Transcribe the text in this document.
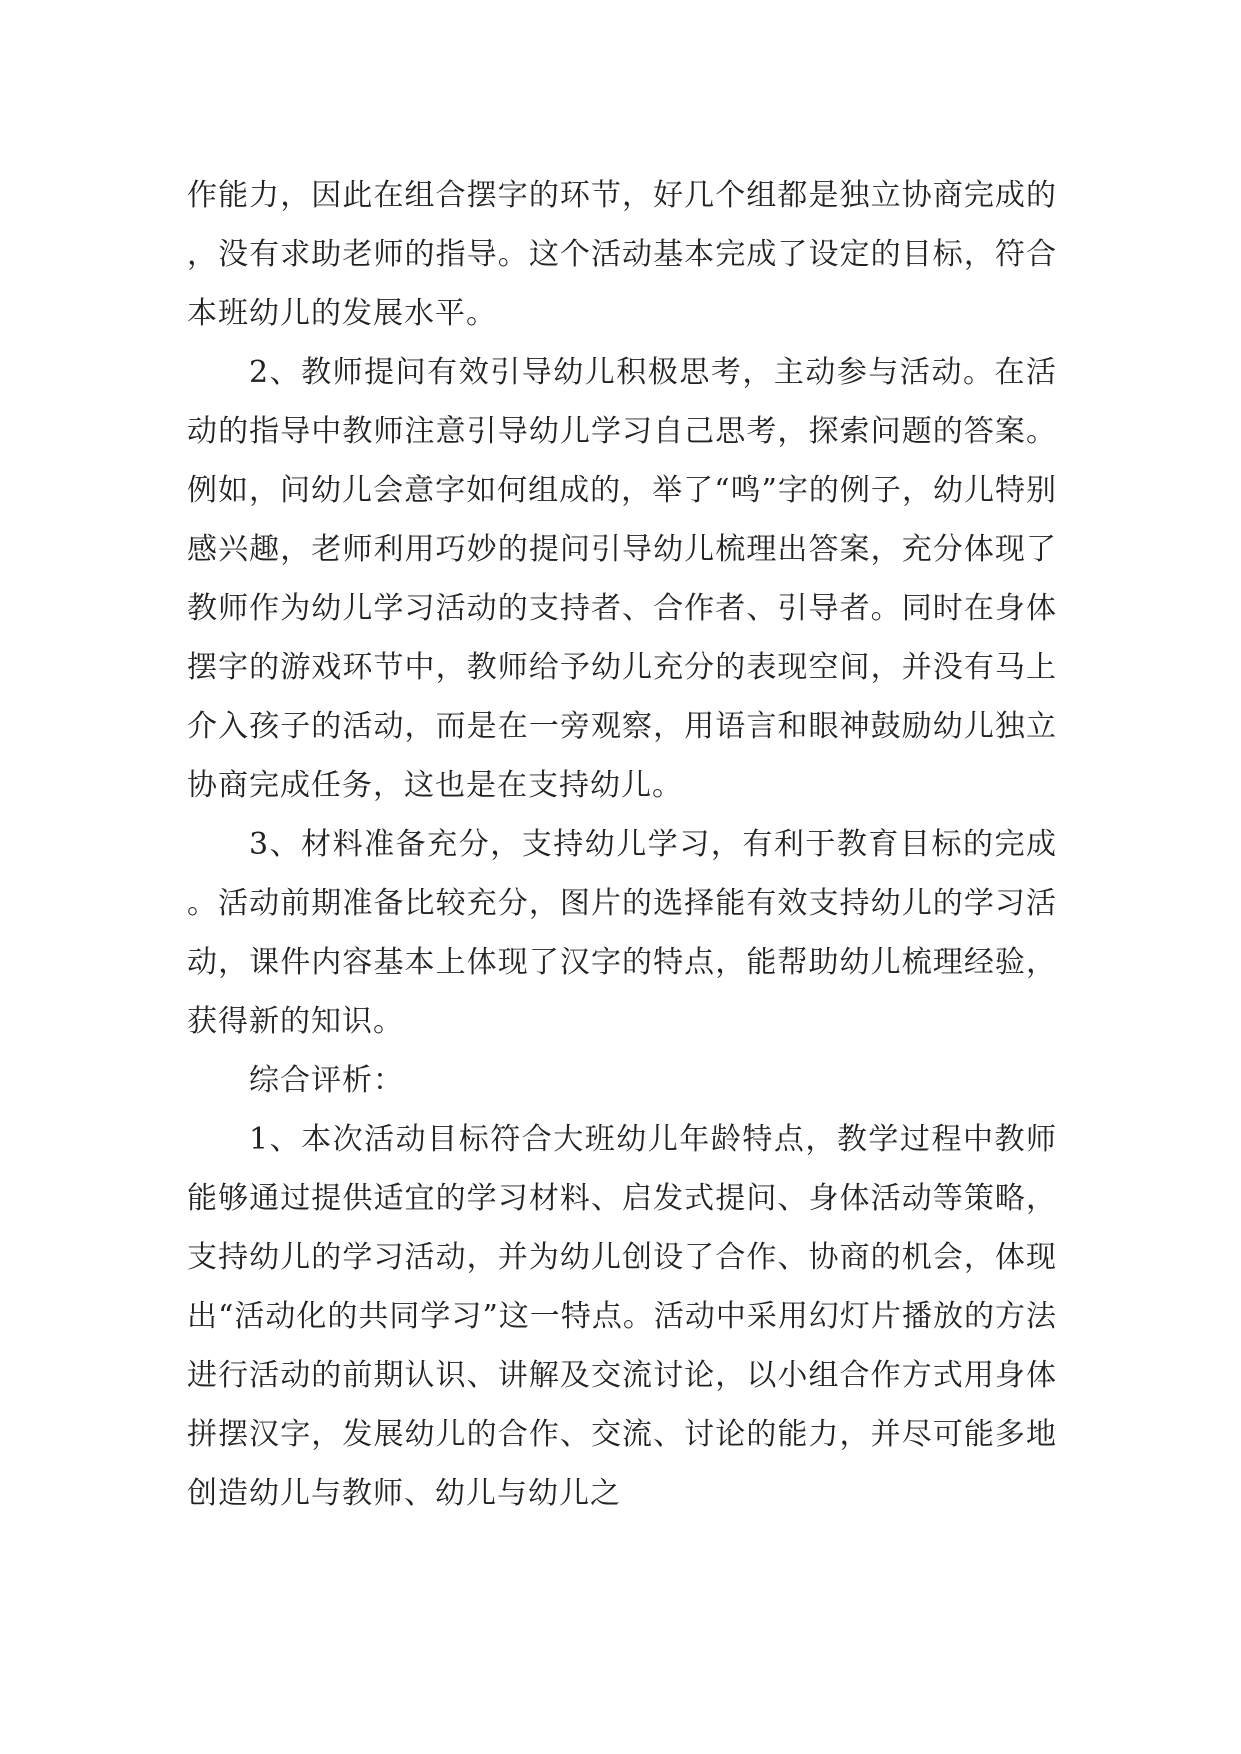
作能力，因此在组合摆字的环节，好几个组都是独立协商完成的，没有求助老师的指导。这个活动基本完成了设定的目标，符合本班幼儿的发展水平。

2、教师提问有效引导幼儿积极思考，主动参与活动。在活动的指导中教师注意引导幼儿学习自己思考，探索问题的答案。例如，问幼儿会意字如何组成的，举了“鸣”字的例子，幼儿特别感兴趣，老师利用巧妙的提问引导幼儿梳理出答案，充分体现了教师作为幼儿学习活动的支持者、合作者、引导者。同时在身体摆字的游戏环节中，教师给予幼儿充分的表现空间，并没有马上介入孩子的活动，而是在一旁观察，用语言和眼神鼓励幼儿独立协商完成任务，这也是在支持幼儿。

3、材料准备充分，支持幼儿学习，有利于教育目标的完成。活动前期准备比较充分，图片的选择能有效支持幼儿的学习活动，课件内容基本上体现了汉字的特点，能帮助幼儿梳理经验，获得新的知识。

综合评析：

1、本次活动目标符合大班幼儿年龄特点，教学过程中教师能够通过提供适宜的学习材料、启发式提问、身体活动等策略，支持幼儿的学习活动，并为幼儿创设了合作、协商的机会，体现出“活动化的共同学习”这一特点。活动中采用幻灯片播放的方法进行活动的前期认识、讲解及交流讨论，以小组合作方式用身体拼摆汉字，发展幼儿的合作、交流、讨论的能力，并尽可能多地创造幼儿与教师、幼儿与幼儿之
